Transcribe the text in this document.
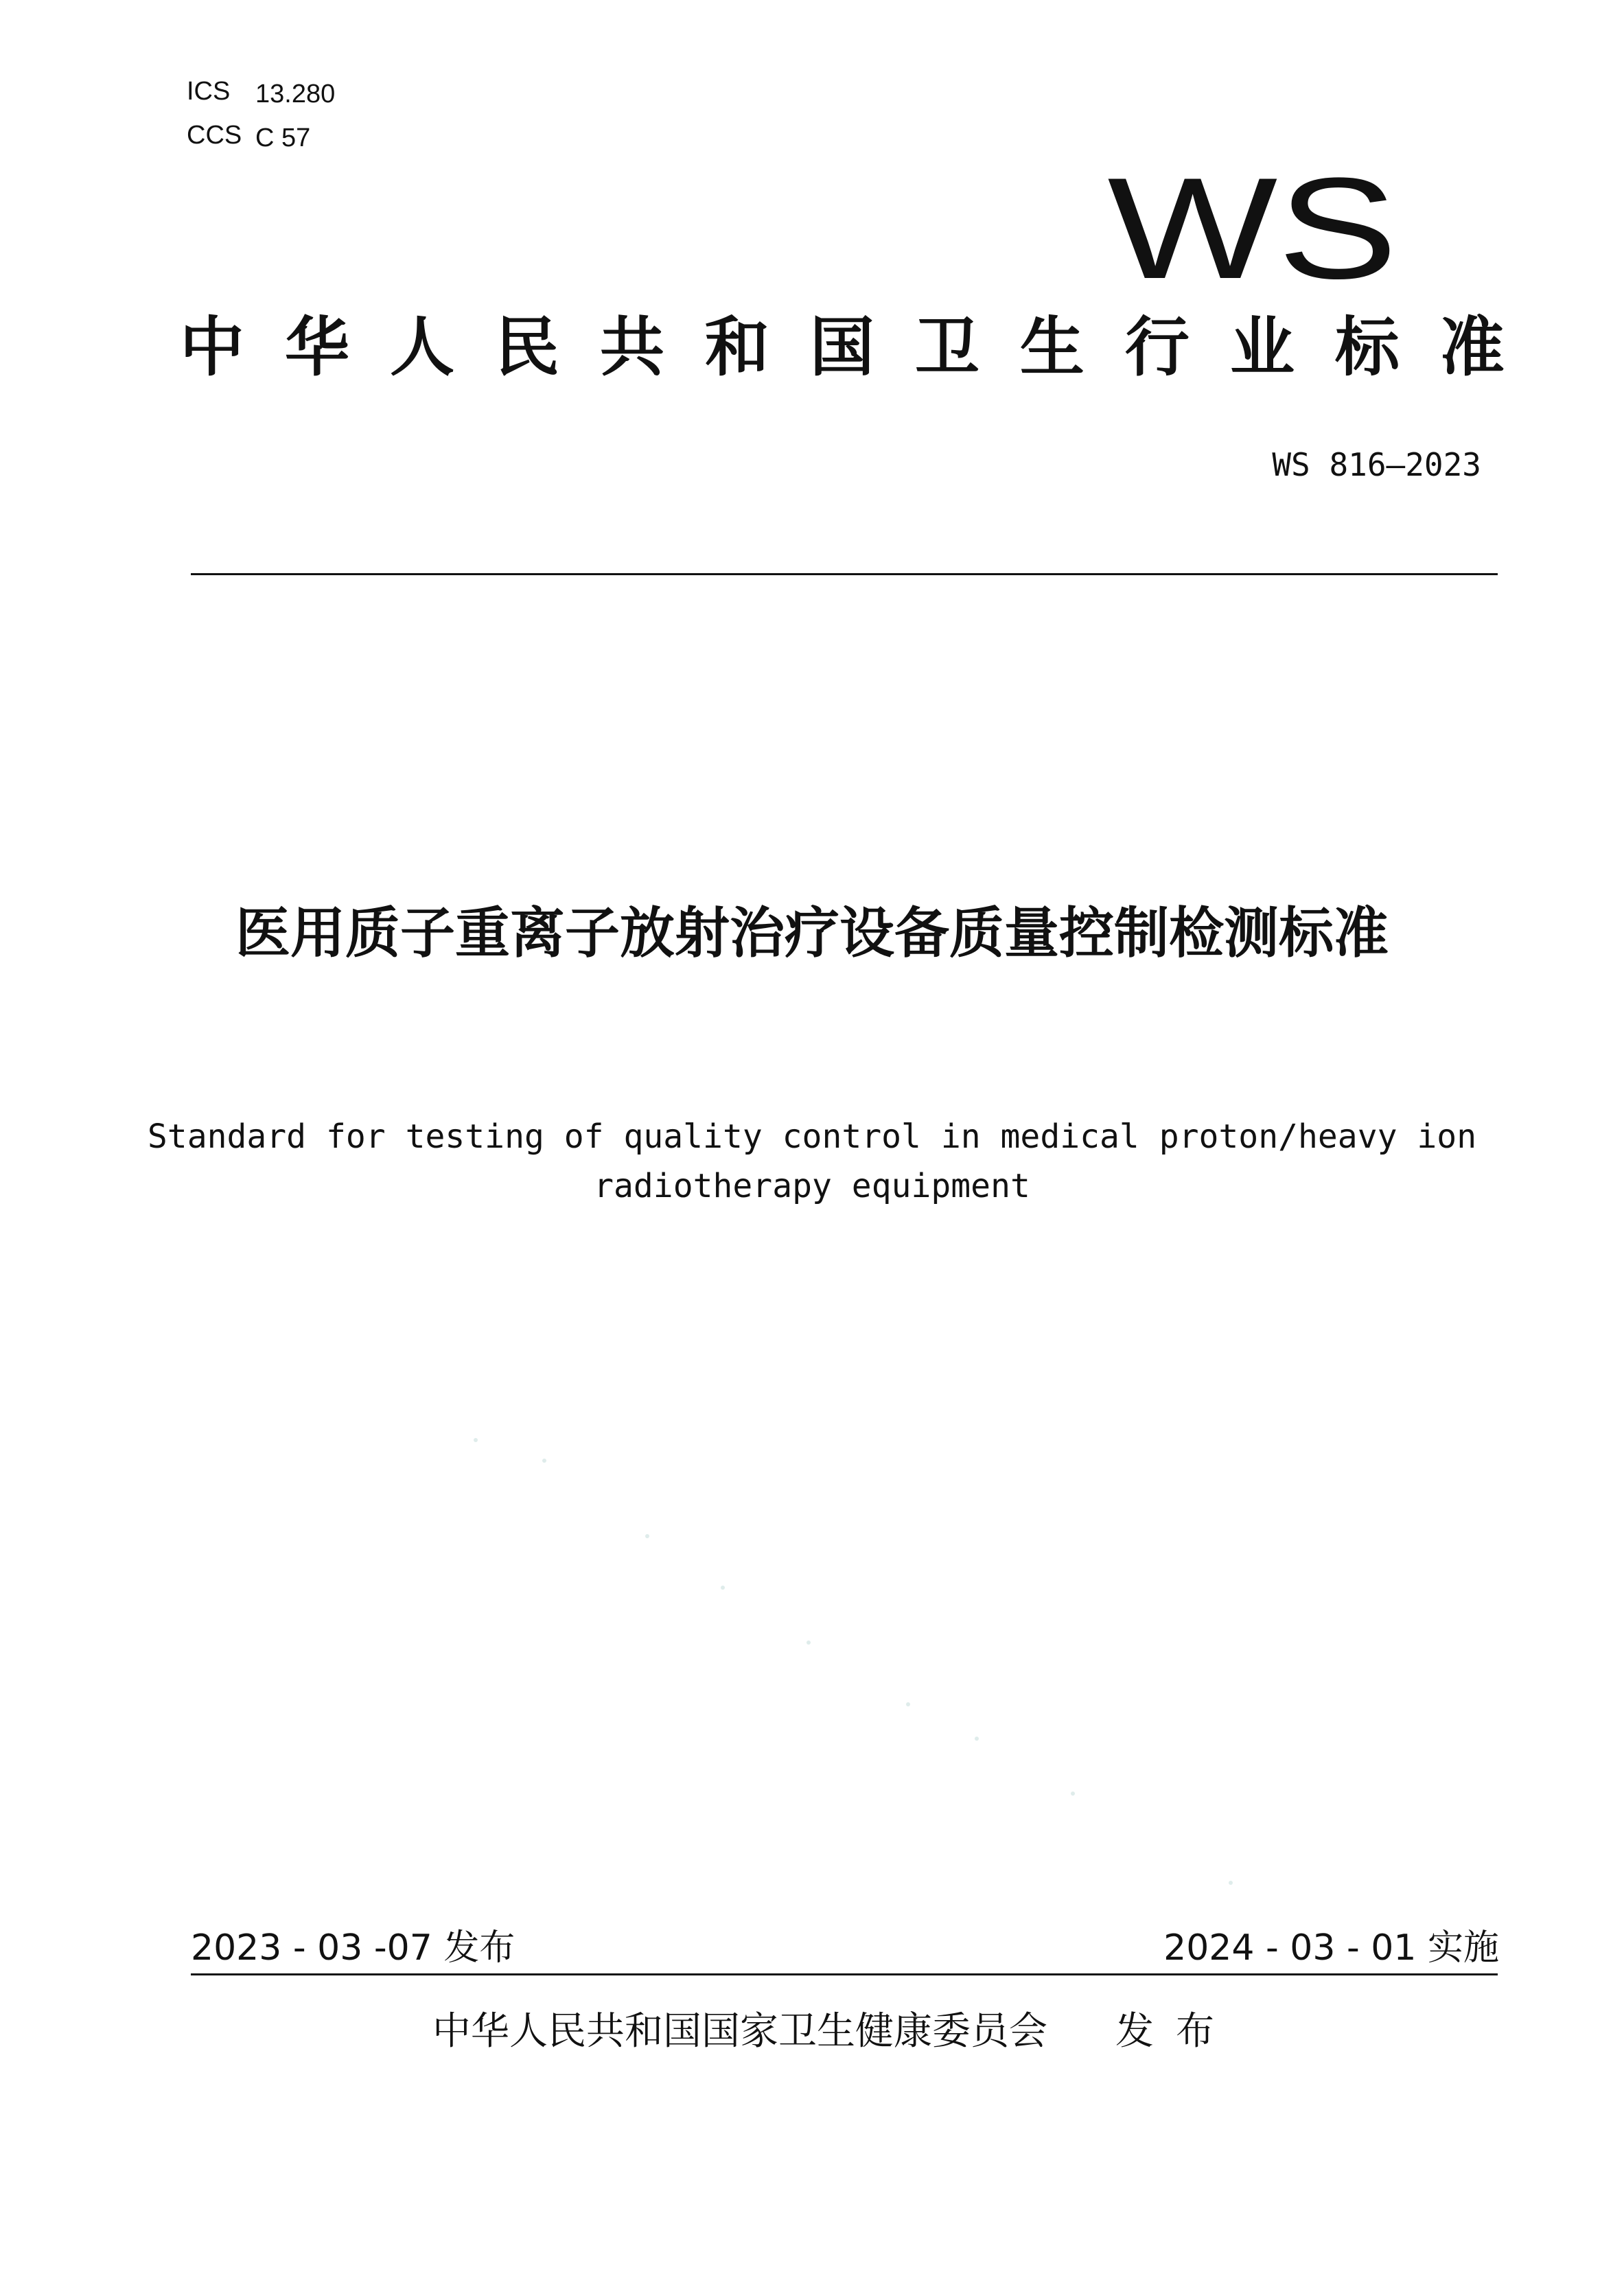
ICS 13.280
CCS C 57
WS
中 华 人 民 共 和 国 卫 生 行 业 标 准
WS 816—2023
医用质子重离子放射治疗设备质量控制检测标准
Standard for testing of quality control in medical proton/heavy ion
radiotherapy equipment
2023 - 03 -07 发布	2024 - 03 - 01 实施
中华人民共和国国家卫生健康委员会 发布
